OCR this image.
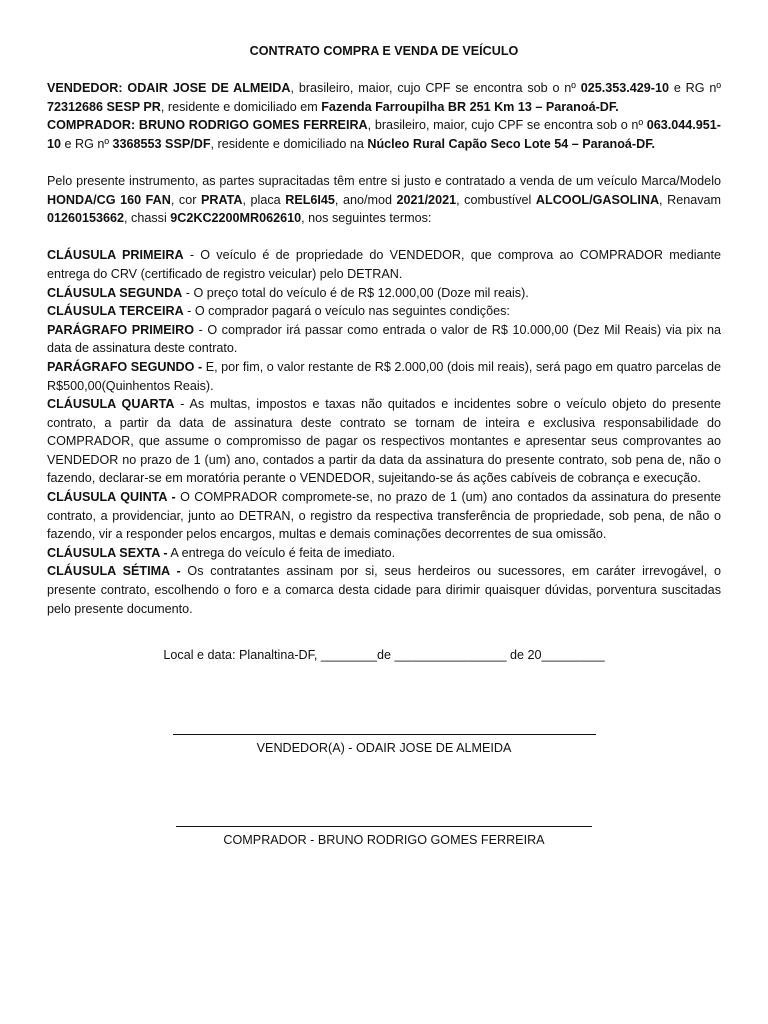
CONTRATO COMPRA E VENDA DE VEÍCULO

VENDEDOR: ODAIR JOSE DE ALMEIDA, brasileiro, maior, cujo CPF se encontra sob o nº 025.353.429-10 e RG nº 72312686 SESP PR, residente e domiciliado em Fazenda Farroupilha BR 251 Km 13 – Paranoá-DF.

COMPRADOR: BRUNO RODRIGO GOMES FERREIRA, brasileiro, maior, cujo CPF se encontra sob o nº 063.044.951-10 e RG nº 3368553 SSP/DF, residente e domiciliado na Núcleo Rural Capão Seco Lote 54 – Paranoá-DF.

Pelo presente instrumento, as partes supracitadas têm entre si justo e contratado a venda de um veículo Marca/Modelo HONDA/CG 160 FAN, cor PRATA, placa REL6I45, ano/mod 2021/2021, combustível ALCOOL/GASOLINA, Renavam 01260153662, chassi 9C2KC2200MR062610, nos seguintes termos:

CLÁUSULA PRIMEIRA - O veículo é de propriedade do VENDEDOR, que comprova ao COMPRADOR mediante entrega do CRV (certificado de registro veicular) pelo DETRAN.

CLÁUSULA SEGUNDA - O preço total do veículo é de R$ 12.000,00 (Doze mil reais).

CLÁUSULA TERCEIRA - O comprador pagará o veículo nas seguintes condições:

PARÁGRAFO PRIMEIRO - O comprador irá passar como entrada o valor de R$ 10.000,00 (Dez Mil Reais) via pix na data de assinatura deste contrato.

PARÁGRAFO SEGUNDO - E, por fim, o valor restante de R$ 2.000,00 (dois mil reais), será pago em quatro parcelas de R$500,00(Quinhentos Reais).

CLÁUSULA QUARTA - As multas, impostos e taxas não quitados e incidentes sobre o veículo objeto do presente contrato, a partir da data de assinatura deste contrato se tornam de inteira e exclusiva responsabilidade do COMPRADOR, que assume o compromisso de pagar os respectivos montantes e apresentar seus comprovantes ao VENDEDOR no prazo de 1 (um) ano, contados a partir da data da assinatura do presente contrato, sob pena de, não o fazendo, declarar-se em moratória perante o VENDEDOR, sujeitando-se ás ações cabíveis de cobrança e execução.

CLÁUSULA QUINTA - O COMPRADOR compromete-se, no prazo de 1 (um) ano contados da assinatura do presente contrato, a providenciar, junto ao DETRAN, o registro da respectiva transferência de propriedade, sob pena, de não o fazendo, vir a responder pelos encargos, multas e demais cominações decorrentes de sua omissão.

CLÁUSULA SEXTA - A entrega do veículo é feita de imediato.

CLÁUSULA SÉTIMA - Os contratantes assinam por si, seus herdeiros ou sucessores, em caráter irrevogável, o presente contrato, escolhendo o foro e a comarca desta cidade para dirimir quaisquer dúvidas, porventura suscitadas pelo presente documento.

Local e data: Planaltina-DF, ________de ________________ de 20_________
VENDEDOR(A) - ODAIR JOSE DE ALMEIDA
COMPRADOR - BRUNO RODRIGO GOMES FERREIRA
